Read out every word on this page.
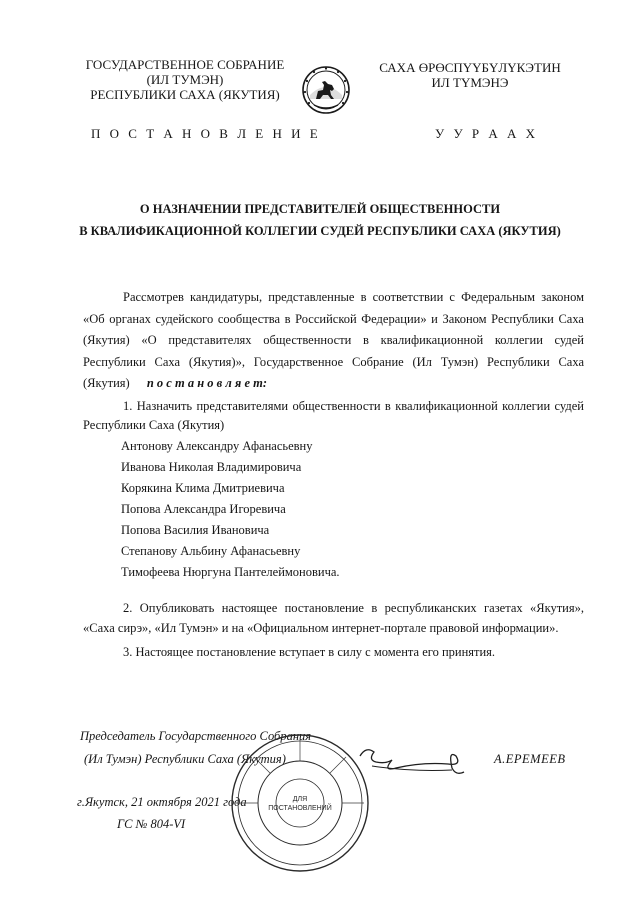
ГОСУДАРСТВЕННОЕ СОБРАНИЕ
(ИЛ ТУМЭН)
РЕСПУБЛИКИ САХА (ЯКУТИЯ)
САХА ӨРӨСПҮҮБҮЛҮКЭТИН
ИЛ ТҮМЭНЭ
П О С Т А Н О В Л Е Н И Е	У У Р А А Х
О НАЗНАЧЕНИИ ПРЕДСТАВИТЕЛЕЙ ОБЩЕСТВЕННОСТИ
В КВАЛИФИКАЦИОННОЙ КОЛЛЕГИИ СУДЕЙ РЕСПУБЛИКИ САХА (ЯКУТИЯ)
Рассмотрев кандидатуры, представленные в соответствии с Федеральным законом «Об органах судейского сообщества в Российской Федерации» и Законом Республики Саха (Якутия) «О представителях общественности в квалификационной коллегии судей Республики Саха (Якутия)», Государственное Собрание (Ил Тумэн) Республики Саха (Якутия) п о с т а н о в л я е т:
1. Назначить представителями общественности в квалификационной коллегии судей Республики Саха (Якутия)
Антонову Александру Афанасьевну
Иванова Николая Владимировича
Корякина Клима Дмитриевича
Попова Александра Игоревича
Попова Василия Ивановича
Степанову Альбину Афанасьевну
Тимофеева Нюргуна Пантелеймоновича.
2. Опубликовать настоящее постановление в республиканских газетах «Якутия», «Саха сирэ», «Ил Тумэн» и на «Официальном интернет-портале правовой информации».
3. Настоящее постановление вступает в силу с момента его принятия.
Председатель Государственного Собрания
(Ил Тумэн) Республики Саха (Якутия)	А.ЕРЕМЕЕВ
г.Якутск, 21 октября 2021 года
ГС № 804-VI
ДЛЯ
ПОСТАНОВЛЕНИЙ
